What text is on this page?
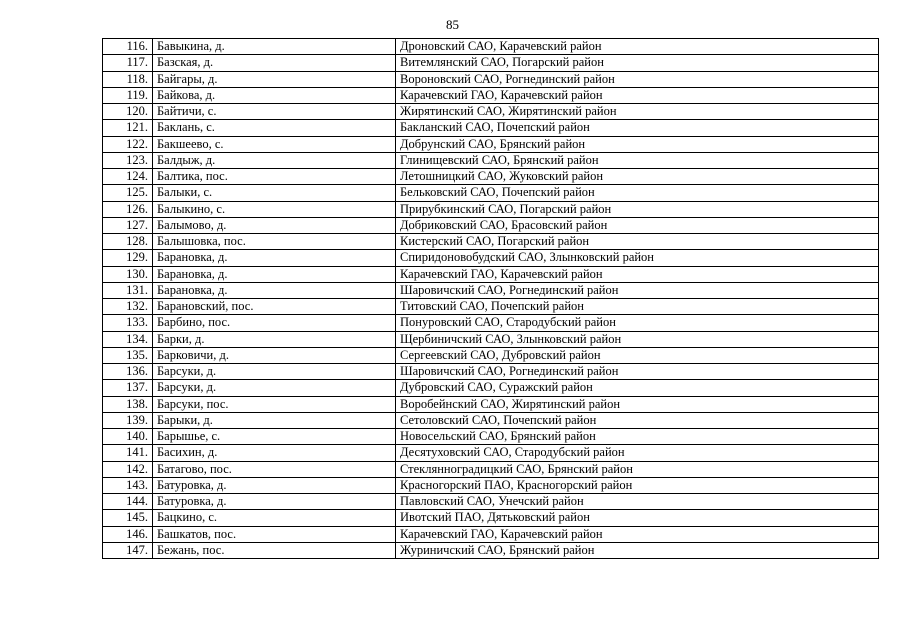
85
116.	Бавыкина, д.	Дроновский САО, Карачевский район
117.	Базская, д.	Витемлянский САО, Погарский район
118.	Байгары, д.	Вороновский САО, Рогнединский район
119.	Байкова, д.	Карачевский ГАО, Карачевский район
120.	Байтичи, с.	Жирятинский САО, Жирятинский район
121.	Баклань, с.	Бакланский САО, Почепский район
122.	Бакшеево, с.	Добрунский САО, Брянский район
123.	Балдыж, д.	Глинищевский САО, Брянский район
124.	Балтика, пос.	Летошницкий САО, Жуковский район
125.	Балыки, с.	Бельковский САО, Почепский район
126.	Балыкино, с.	Прирубкинский САО, Погарский район
127.	Балымово, д.	Добриковский САО, Брасовский район
128.	Балышовка, пос.	Кистерский САО, Погарский район
129.	Барановка, д.	Спиридоновобудский САО, Злынковский район
130.	Барановка, д.	Карачевский ГАО, Карачевский район
131.	Барановка, д.	Шаровичский САО, Рогнединский район
132.	Барановский, пос.	Титовский САО, Почепский район
133.	Барбино, пос.	Понуровский САО, Стародубский район
134.	Барки, д.	Щербиничский САО, Злынковский район
135.	Барковичи, д.	Сергеевский САО, Дубровский район
136.	Барсуки, д.	Шаровичский САО, Рогнединский район
137.	Барсуки, д.	Дубровский САО, Суражский район
138.	Барсуки, пос.	Воробейнский САО, Жирятинский район
139.	Барыки, д.	Сетоловский САО, Почепский район
140.	Барышье, с.	Новосельский САО, Брянский район
141.	Басихин, д.	Десятуховский САО, Стародубский район
142.	Батагово, пос.	Стеклянноградицкий САО, Брянский район
143.	Батуровка, д.	Красногорский ПАО, Красногорский район
144.	Батуровка, д.	Павловский САО, Унечский район
145.	Бацкино, с.	Ивотский ПАО, Дятьковский район
146.	Башкатов, пос.	Карачевский ГАО, Карачевский район
147.	Бежань, пос.	Журиничский САО, Брянский район
